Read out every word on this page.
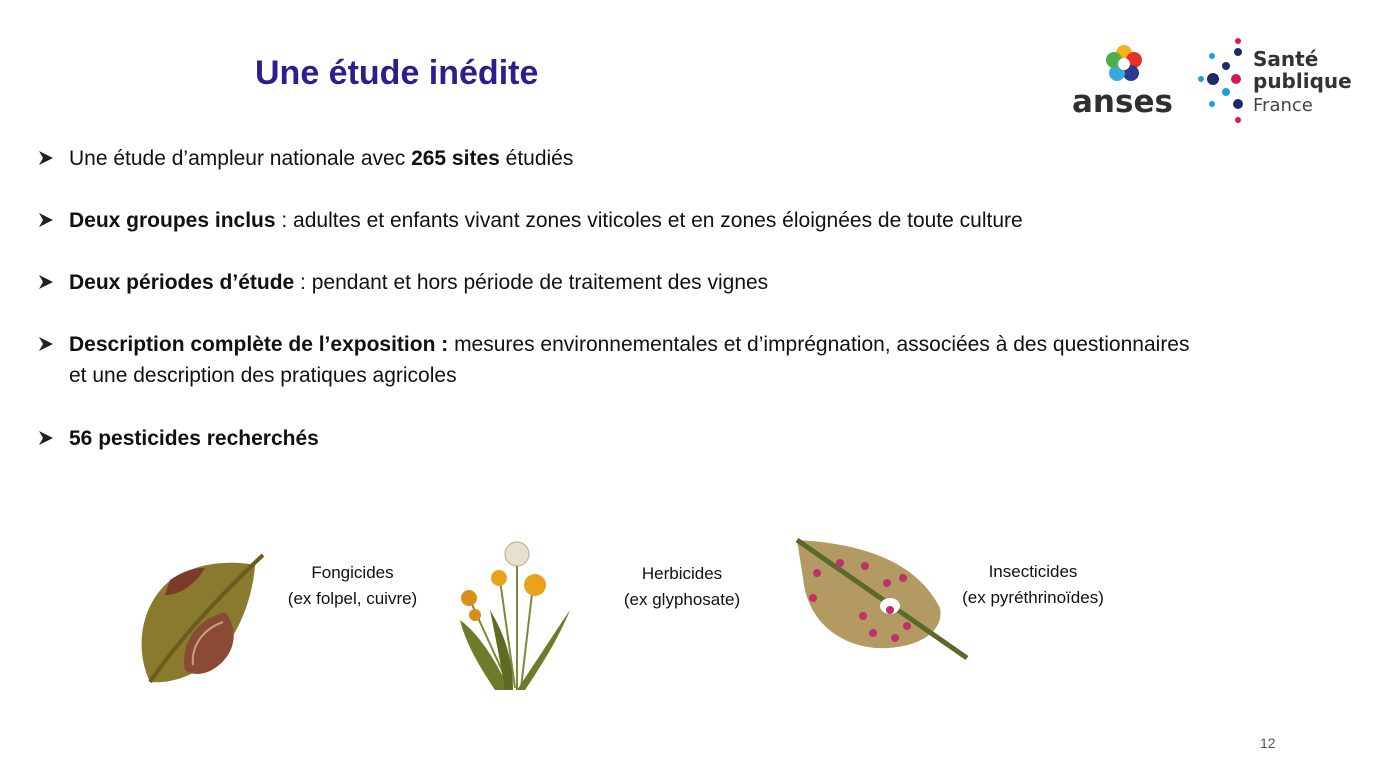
Une étude inédite
anses
Santé
publique
France
Une étude d’ampleur nationale avec 265 sites étudiés
Deux groupes inclus : adultes et enfants vivant zones viticoles et en zones éloignées de toute culture
Deux périodes d’étude : pendant et hors période de traitement des vignes
Description complète de l’exposition : mesures environnementales et d’imprégnation, associées à des questionnaires et une description des pratiques agricoles
56 pesticides recherchés
Fongicides
(ex folpel, cuivre)
Herbicides
(ex glyphosate)
Insecticides
(ex pyréthrinoïdes)
12
